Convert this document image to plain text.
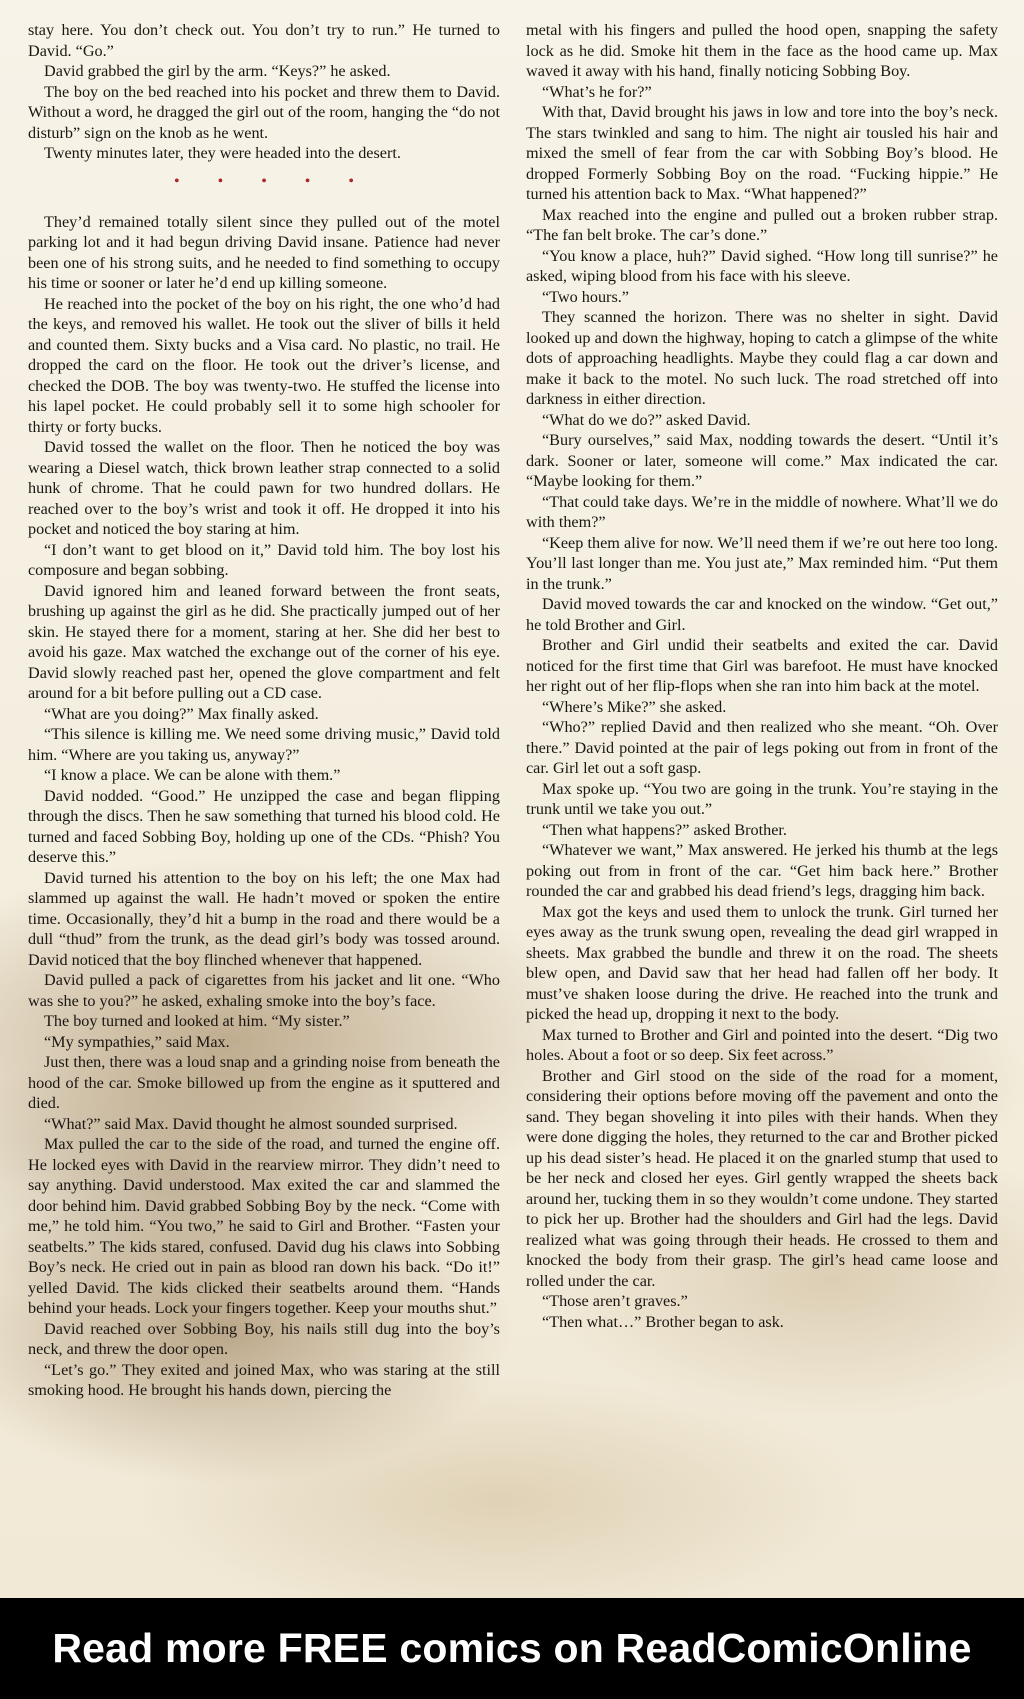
stay here. You don’t check out. You don’t try to run.” He turned to David. “Go.”

David grabbed the girl by the arm. “Keys?” he asked.

The boy on the bed reached into his pocket and threw them to David. Without a word, he dragged the girl out of the room, hanging the “do not disturb” sign on the knob as he went.

Twenty minutes later, they were headed into the desert.

• • • • •

They’d remained totally silent since they pulled out of the motel parking lot and it had begun driving David insane. Patience had never been one of his strong suits, and he needed to find something to occupy his time or sooner or later he’d end up killing someone.

He reached into the pocket of the boy on his right, the one who’d had the keys, and removed his wallet. He took out the sliver of bills it held and counted them. Sixty bucks and a Visa card. No plastic, no trail. He dropped the card on the floor. He took out the driver’s license, and checked the DOB. The boy was twenty-two. He stuffed the license into his lapel pocket. He could probably sell it to some high schooler for thirty or forty bucks.

David tossed the wallet on the floor. Then he noticed the boy was wearing a Diesel watch, thick brown leather strap connected to a solid hunk of chrome. That he could pawn for two hundred dollars. He reached over to the boy’s wrist and took it off. He dropped it into his pocket and noticed the boy staring at him.

“I don’t want to get blood on it,” David told him. The boy lost his composure and began sobbing.

David ignored him and leaned forward between the front seats, brushing up against the girl as he did. She practically jumped out of her skin. He stayed there for a moment, staring at her. She did her best to avoid his gaze. Max watched the exchange out of the corner of his eye. David slowly reached past her, opened the glove compartment and felt around for a bit before pulling out a CD case.

“What are you doing?” Max finally asked.

“This silence is killing me. We need some driving music,” David told him. “Where are you taking us, anyway?”

“I know a place. We can be alone with them.”

David nodded. “Good.” He unzipped the case and began flipping through the discs. Then he saw something that turned his blood cold. He turned and faced Sobbing Boy, holding up one of the CDs. “Phish? You deserve this.”

David turned his attention to the boy on his left; the one Max had slammed up against the wall. He hadn’t moved or spoken the entire time. Occasionally, they’d hit a bump in the road and there would be a dull “thud” from the trunk, as the dead girl’s body was tossed around. David noticed that the boy flinched whenever that happened.

David pulled a pack of cigarettes from his jacket and lit one. “Who was she to you?” he asked, exhaling smoke into the boy’s face.

The boy turned and looked at him. “My sister.”

“My sympathies,” said Max.

Just then, there was a loud snap and a grinding noise from beneath the hood of the car. Smoke billowed up from the engine as it sputtered and died.

“What?” said Max. David thought he almost sounded surprised.

Max pulled the car to the side of the road, and turned the engine off. He locked eyes with David in the rearview mirror. They didn’t need to say anything. David understood. Max exited the car and slammed the door behind him. David grabbed Sobbing Boy by the neck. “Come with me,” he told him. “You two,” he said to Girl and Brother. “Fasten your seatbelts.” The kids stared, confused. David dug his claws into Sobbing Boy’s neck. He cried out in pain as blood ran down his back. “Do it!” yelled David. The kids clicked their seatbelts around them. “Hands behind your heads. Lock your fingers together. Keep your mouths shut.”

David reached over Sobbing Boy, his nails still dug into the boy’s neck, and threw the door open.

“Let’s go.” They exited and joined Max, who was staring at the still smoking hood. He brought his hands down, piercing the

metal with his fingers and pulled the hood open, snapping the safety lock as he did. Smoke hit them in the face as the hood came up. Max waved it away with his hand, finally noticing Sobbing Boy.

“What’s he for?”

With that, David brought his jaws in low and tore into the boy’s neck. The stars twinkled and sang to him. The night air tousled his hair and mixed the smell of fear from the car with Sobbing Boy’s blood. He dropped Formerly Sobbing Boy on the road. “Fucking hippie.” He turned his attention back to Max. “What happened?”

Max reached into the engine and pulled out a broken rubber strap. “The fan belt broke. The car’s done.”

“You know a place, huh?” David sighed. “How long till sunrise?” he asked, wiping blood from his face with his sleeve.

“Two hours.”

They scanned the horizon. There was no shelter in sight. David looked up and down the highway, hoping to catch a glimpse of the white dots of approaching headlights. Maybe they could flag a car down and make it back to the motel. No such luck. The road stretched off into darkness in either direction.

“What do we do?” asked David.

“Bury ourselves,” said Max, nodding towards the desert. “Until it’s dark. Sooner or later, someone will come.” Max indicated the car. “Maybe looking for them.”

“That could take days. We’re in the middle of nowhere. What’ll we do with them?”

“Keep them alive for now. We’ll need them if we’re out here too long. You’ll last longer than me. You just ate,” Max reminded him. “Put them in the trunk.”

David moved towards the car and knocked on the window. “Get out,” he told Brother and Girl.

Brother and Girl undid their seatbelts and exited the car. David noticed for the first time that Girl was barefoot. He must have knocked her right out of her flip-flops when she ran into him back at the motel.

“Where’s Mike?” she asked.

“Who?” replied David and then realized who she meant. “Oh. Over there.” David pointed at the pair of legs poking out from in front of the car. Girl let out a soft gasp.

Max spoke up. “You two are going in the trunk. You’re staying in the trunk until we take you out.”

“Then what happens?” asked Brother.

“Whatever we want,” Max answered. He jerked his thumb at the legs poking out from in front of the car. “Get him back here.” Brother rounded the car and grabbed his dead friend’s legs, dragging him back.

Max got the keys and used them to unlock the trunk. Girl turned her eyes away as the trunk swung open, revealing the dead girl wrapped in sheets. Max grabbed the bundle and threw it on the road. The sheets blew open, and David saw that her head had fallen off her body. It must’ve shaken loose during the drive. He reached into the trunk and picked the head up, dropping it next to the body.

Max turned to Brother and Girl and pointed into the desert. “Dig two holes. About a foot or so deep. Six feet across.”

Brother and Girl stood on the side of the road for a moment, considering their options before moving off the pavement and onto the sand. They began shoveling it into piles with their hands. When they were done digging the holes, they returned to the car and Brother picked up his dead sister’s head. He placed it on the gnarled stump that used to be her neck and closed her eyes. Girl gently wrapped the sheets back around her, tucking them in so they wouldn’t come undone. They started to pick her up. Brother had the shoulders and Girl had the legs. David realized what was going through their heads. He crossed to them and knocked the body from their grasp. The girl’s head came loose and rolled under the car.

“Those aren’t graves.”

“Then what…” Brother began to ask.

Read more FREE comics on ReadComicOnline
